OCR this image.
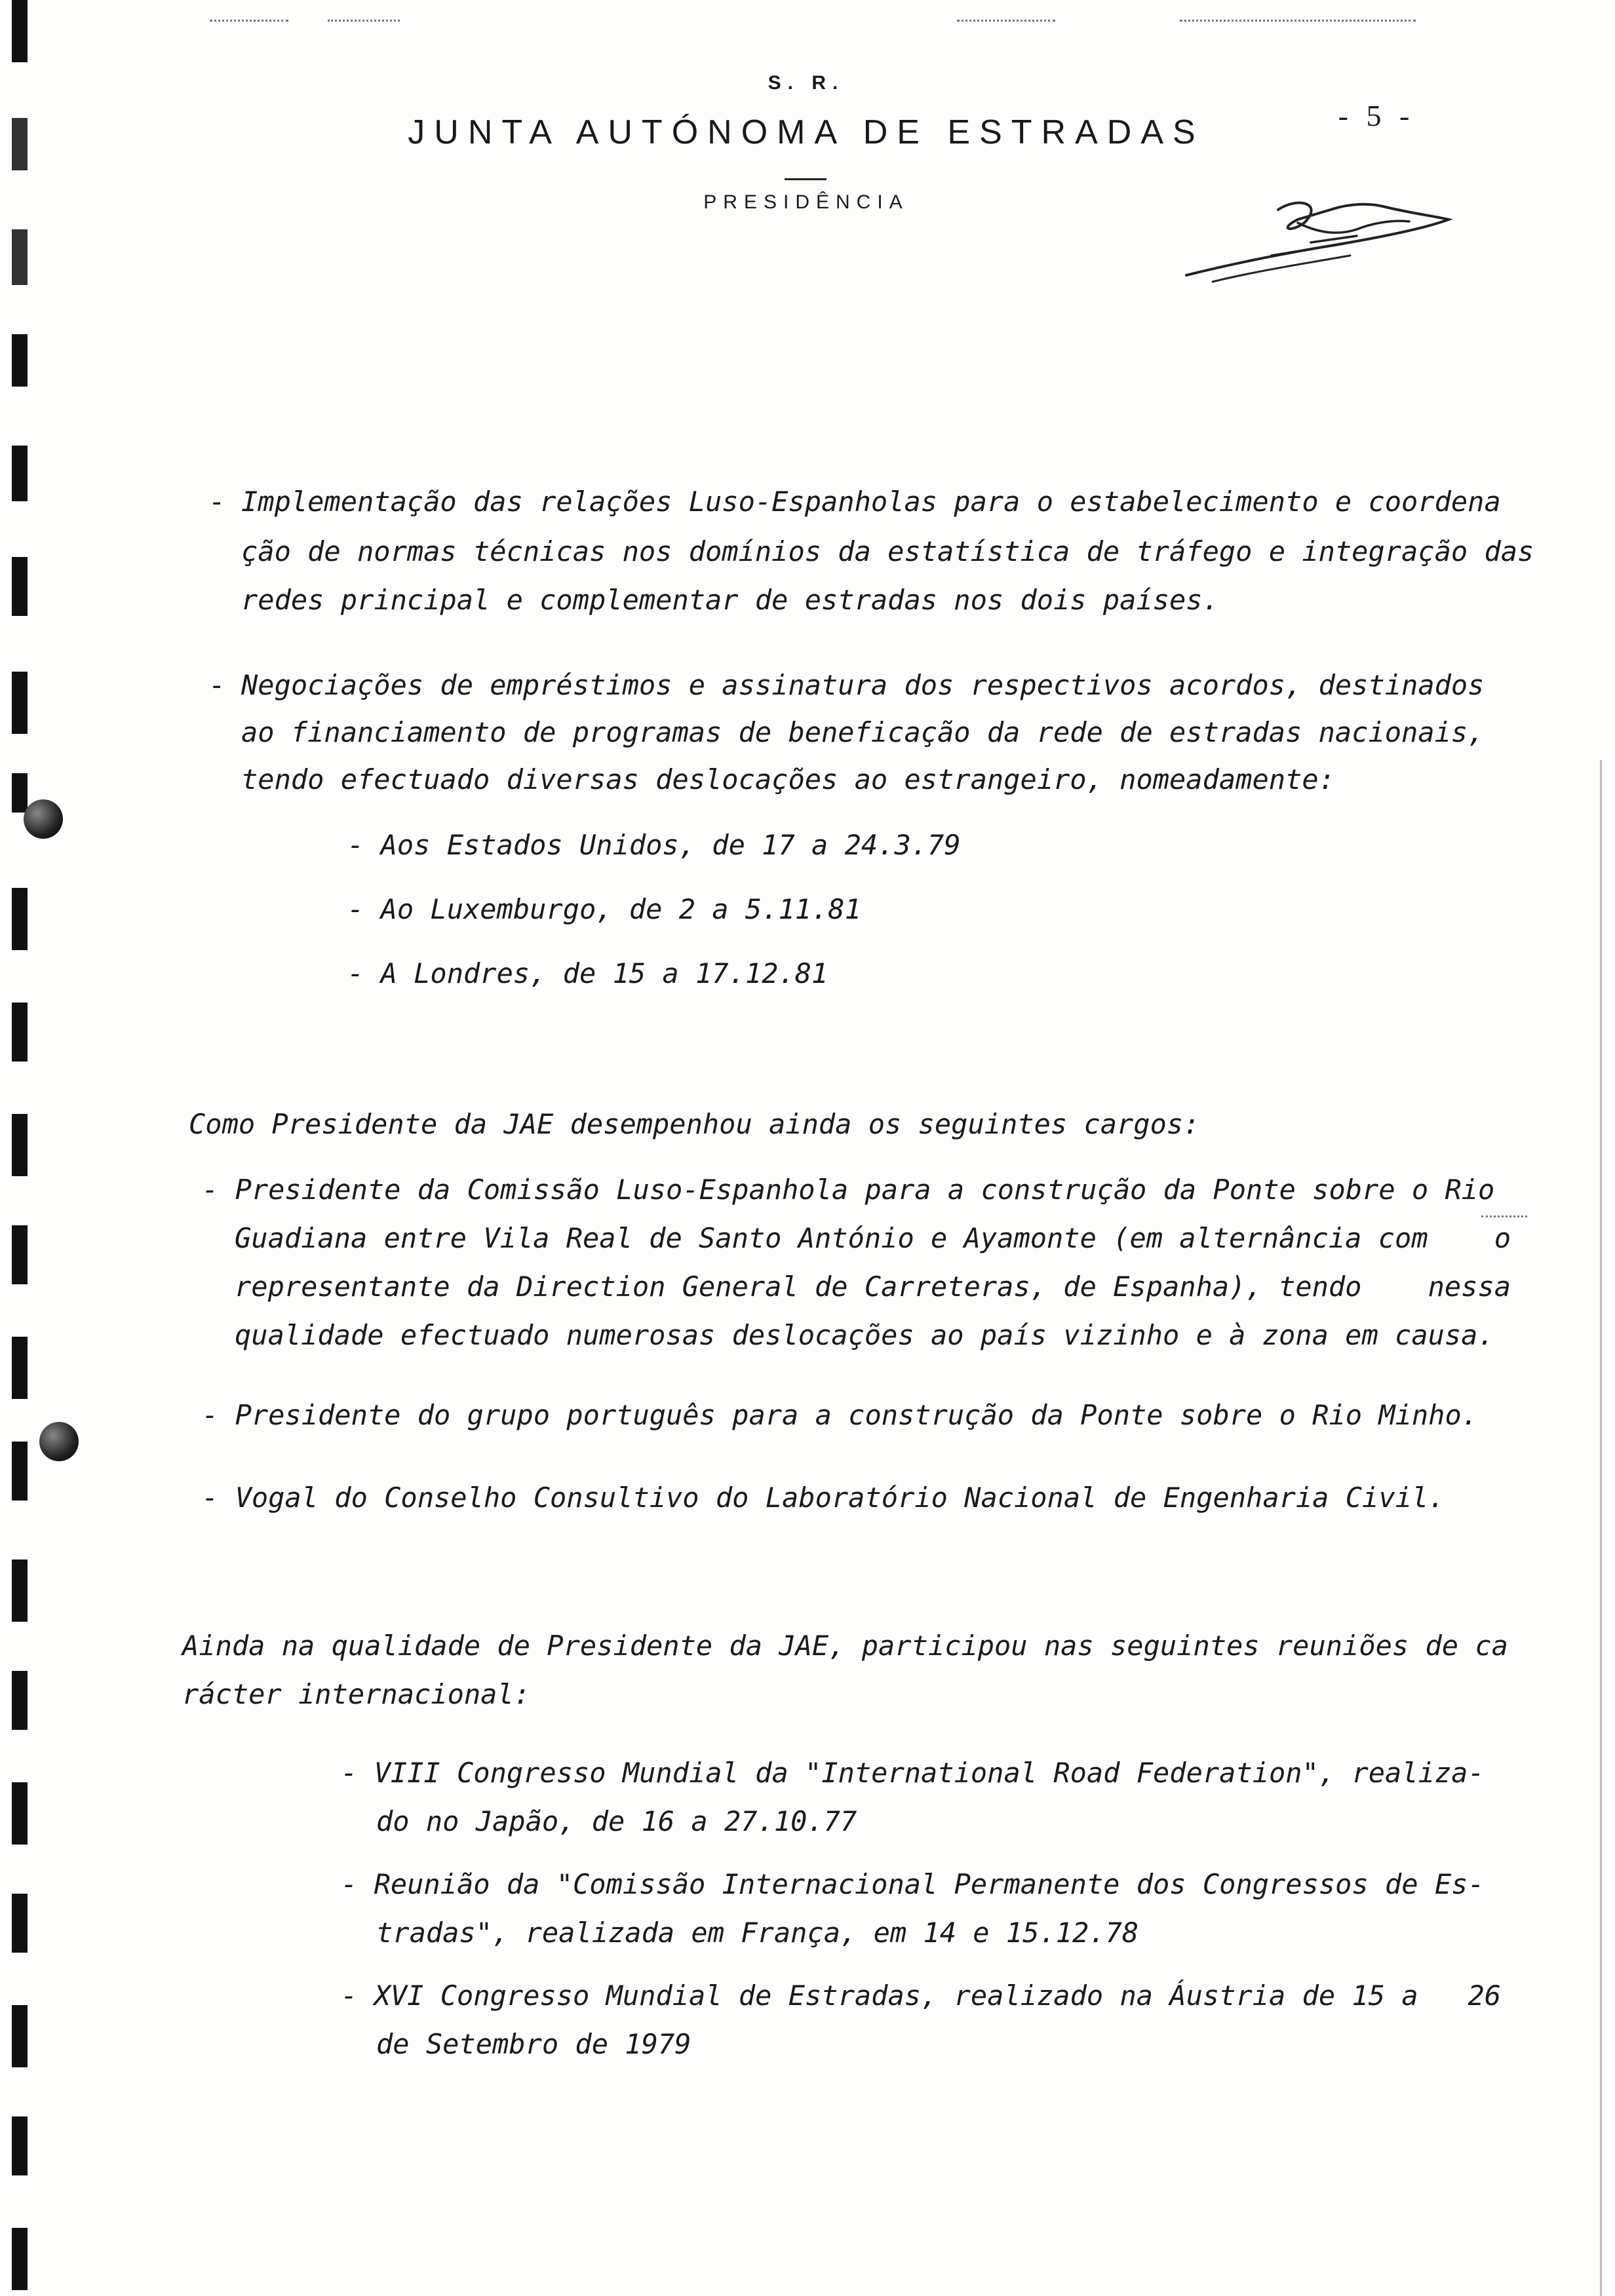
S. R.
JUNTA AUTÓNOMA DE ESTRADAS
PRESIDÊNCIA
- 5 -
- Implementação das relações Luso-Espanholas para o estabelecimento e coordena
ção de normas técnicas nos domínios da estatística de tráfego e integração das
redes principal e complementar de estradas nos dois países.
- Negociações de empréstimos e assinatura dos respectivos acordos, destinados
ao financiamento de programas de beneficação da rede de estradas nacionais,
tendo efectuado diversas deslocações ao estrangeiro, nomeadamente:
- Aos Estados Unidos, de 17 a 24.3.79
- Ao Luxemburgo, de 2 a 5.11.81
- A Londres, de 15 a 17.12.81
Como Presidente da JAE desempenhou ainda os seguintes cargos:
- Presidente da Comissão Luso-Espanhola para a construção da Ponte sobre o Rio
Guadiana entre Vila Real de Santo António e Ayamonte (em alternância com    o
representante da Direction General de Carreteras, de Espanha), tendo    nessa
qualidade efectuado numerosas deslocações ao país vizinho e à zona em causa.
- Presidente do grupo português para a construção da Ponte sobre o Rio Minho.
- Vogal do Conselho Consultivo do Laboratório Nacional de Engenharia Civil.
Ainda na qualidade de Presidente da JAE, participou nas seguintes reuniões de ca
rácter internacional:
- VIII Congresso Mundial da "International Road Federation", realiza-
do no Japão, de 16 a 27.10.77
- Reunião da "Comissão Internacional Permanente dos Congressos de Es-
tradas", realizada em França, em 14 e 15.12.78
- XVI Congresso Mundial de Estradas, realizado na Áustria de 15 a   26
de Setembro de 1979
